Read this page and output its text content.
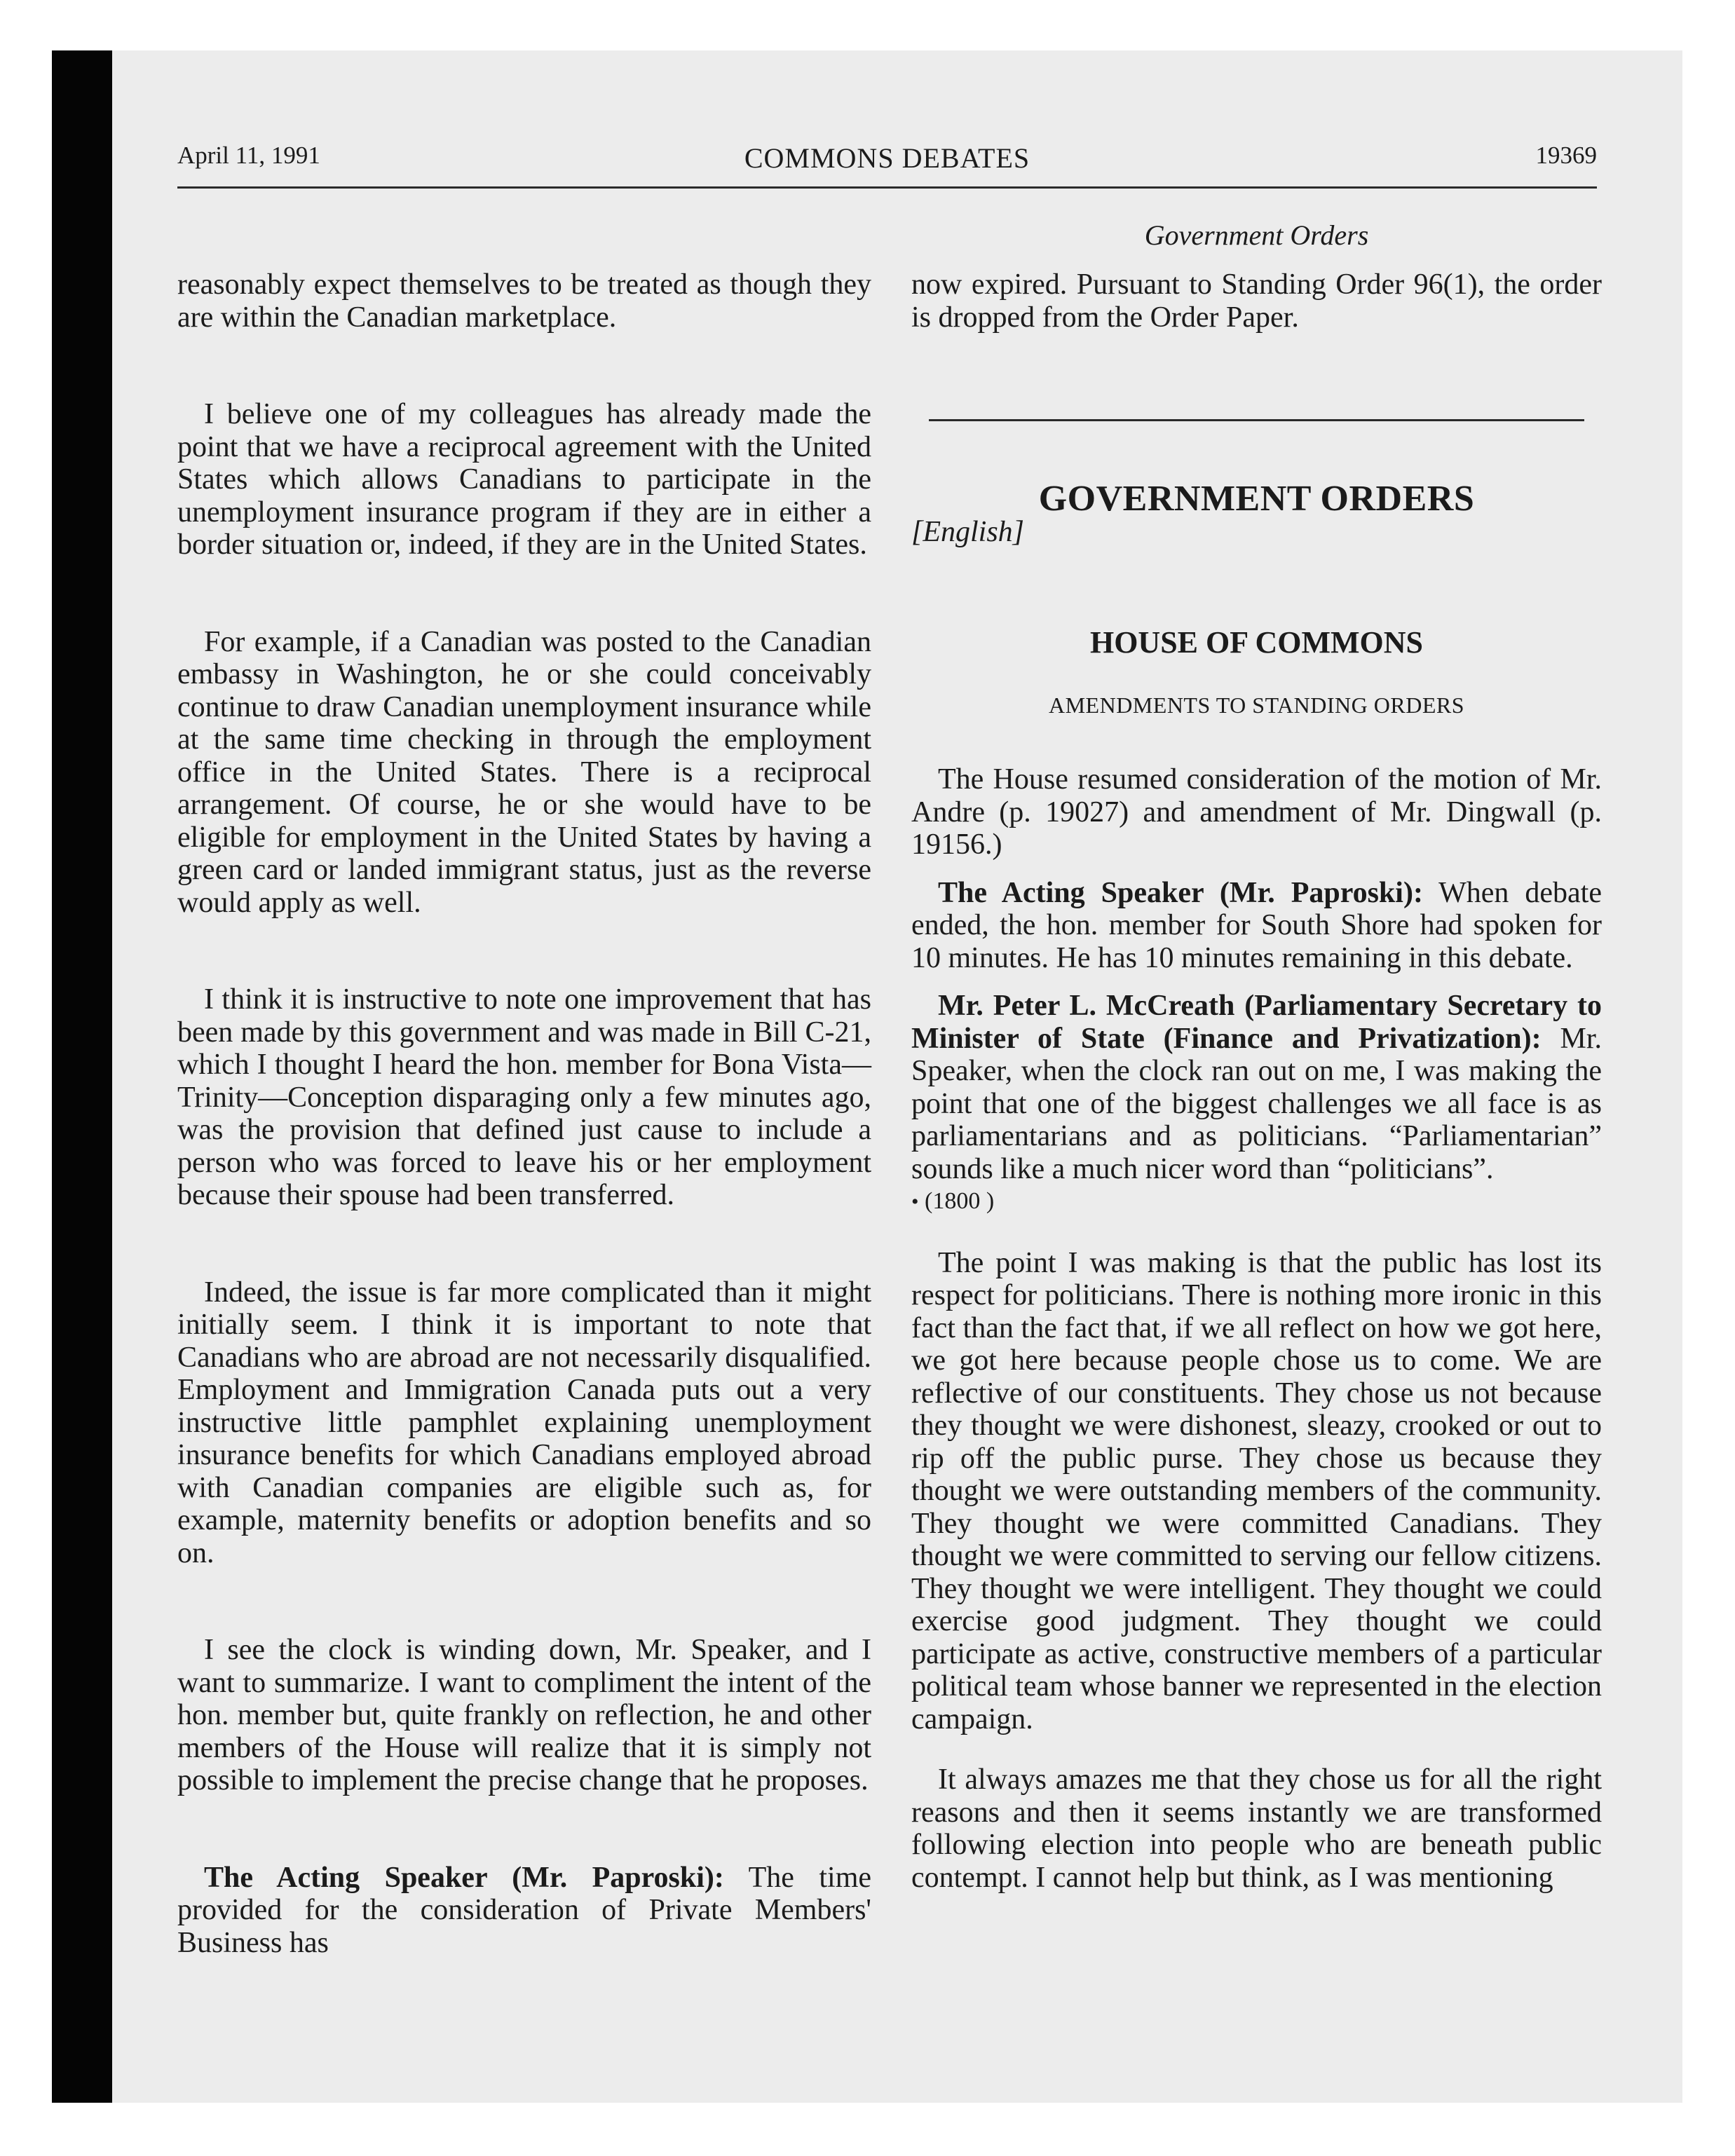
April 11, 1991	COMMONS DEBATES	19369
Government Orders

reasonably expect themselves to be treated as though they are within the Canadian marketplace.

I believe one of my colleagues has already made the point that we have a reciprocal agreement with the United States which allows Canadians to participate in the unemployment insurance program if they are in either a border situation or, indeed, if they are in the United States.

For example, if a Canadian was posted to the Canadian embassy in Washington, he or she could conceivably continue to draw Canadian unemployment insurance while at the same time checking in through the employment office in the United States. There is a reciprocal arrangement. Of course, he or she would have to be eligible for employment in the United States by having a green card or landed immigrant status, just as the reverse would apply as well.

I think it is instructive to note one improvement that has been made by this government and was made in Bill C-21, which I thought I heard the hon. member for Bona Vista—Trinity—Conception disparaging only a few minutes ago, was the provision that defined just cause to include a person who was forced to leave his or her employment because their spouse had been transferred.

Indeed, the issue is far more complicated than it might initially seem. I think it is important to note that Canadians who are abroad are not necessarily disqualified. Employment and Immigration Canada puts out a very instructive little pamphlet explaining unemployment insurance benefits for which Canadians employed abroad with Canadian companies are eligible such as, for example, maternity benefits or adoption benefits and so on.

I see the clock is winding down, Mr. Speaker, and I want to summarize. I want to compliment the intent of the hon. member but, quite frankly on reflection, he and other members of the House will realize that it is simply not possible to implement the precise change that he proposes.

The Acting Speaker (Mr. Paproski): The time provided for the consideration of Private Members' Business has

now expired. Pursuant to Standing Order 96(1), the order is dropped from the Order Paper.

GOVERNMENT ORDERS

[English]

HOUSE OF COMMONS
AMENDMENTS TO STANDING ORDERS

The House resumed consideration of the motion of Mr. Andre (p. 19027) and amendment of Mr. Dingwall (p. 19156.)

The Acting Speaker (Mr. Paproski): When debate ended, the hon. member for South Shore had spoken for 10 minutes. He has 10 minutes remaining in this debate.

Mr. Peter L. McCreath (Parliamentary Secretary to Minister of State (Finance and Privatization): Mr. Speaker, when the clock ran out on me, I was making the point that one of the biggest challenges we all face is as parliamentarians and as politicians. “Parliamentarian” sounds like a much nicer word than “politicians”.

• (1800 )

The point I was making is that the public has lost its respect for politicians. There is nothing more ironic in this fact than the fact that, if we all reflect on how we got here, we got here because people chose us to come. We are reflective of our constituents. They chose us not because they thought we were dishonest, sleazy, crooked or out to rip off the public purse. They chose us because they thought we were outstanding members of the community. They thought we were committed Canadians. They thought we were committed to serving our fellow citizens. They thought we were intelligent. They thought we could exercise good judgment. They thought we could participate as active, constructive members of a particular political team whose banner we represented in the election campaign.

It always amazes me that they chose us for all the right reasons and then it seems instantly we are transformed following election into people who are beneath public contempt. I cannot help but think, as I was mentioning
